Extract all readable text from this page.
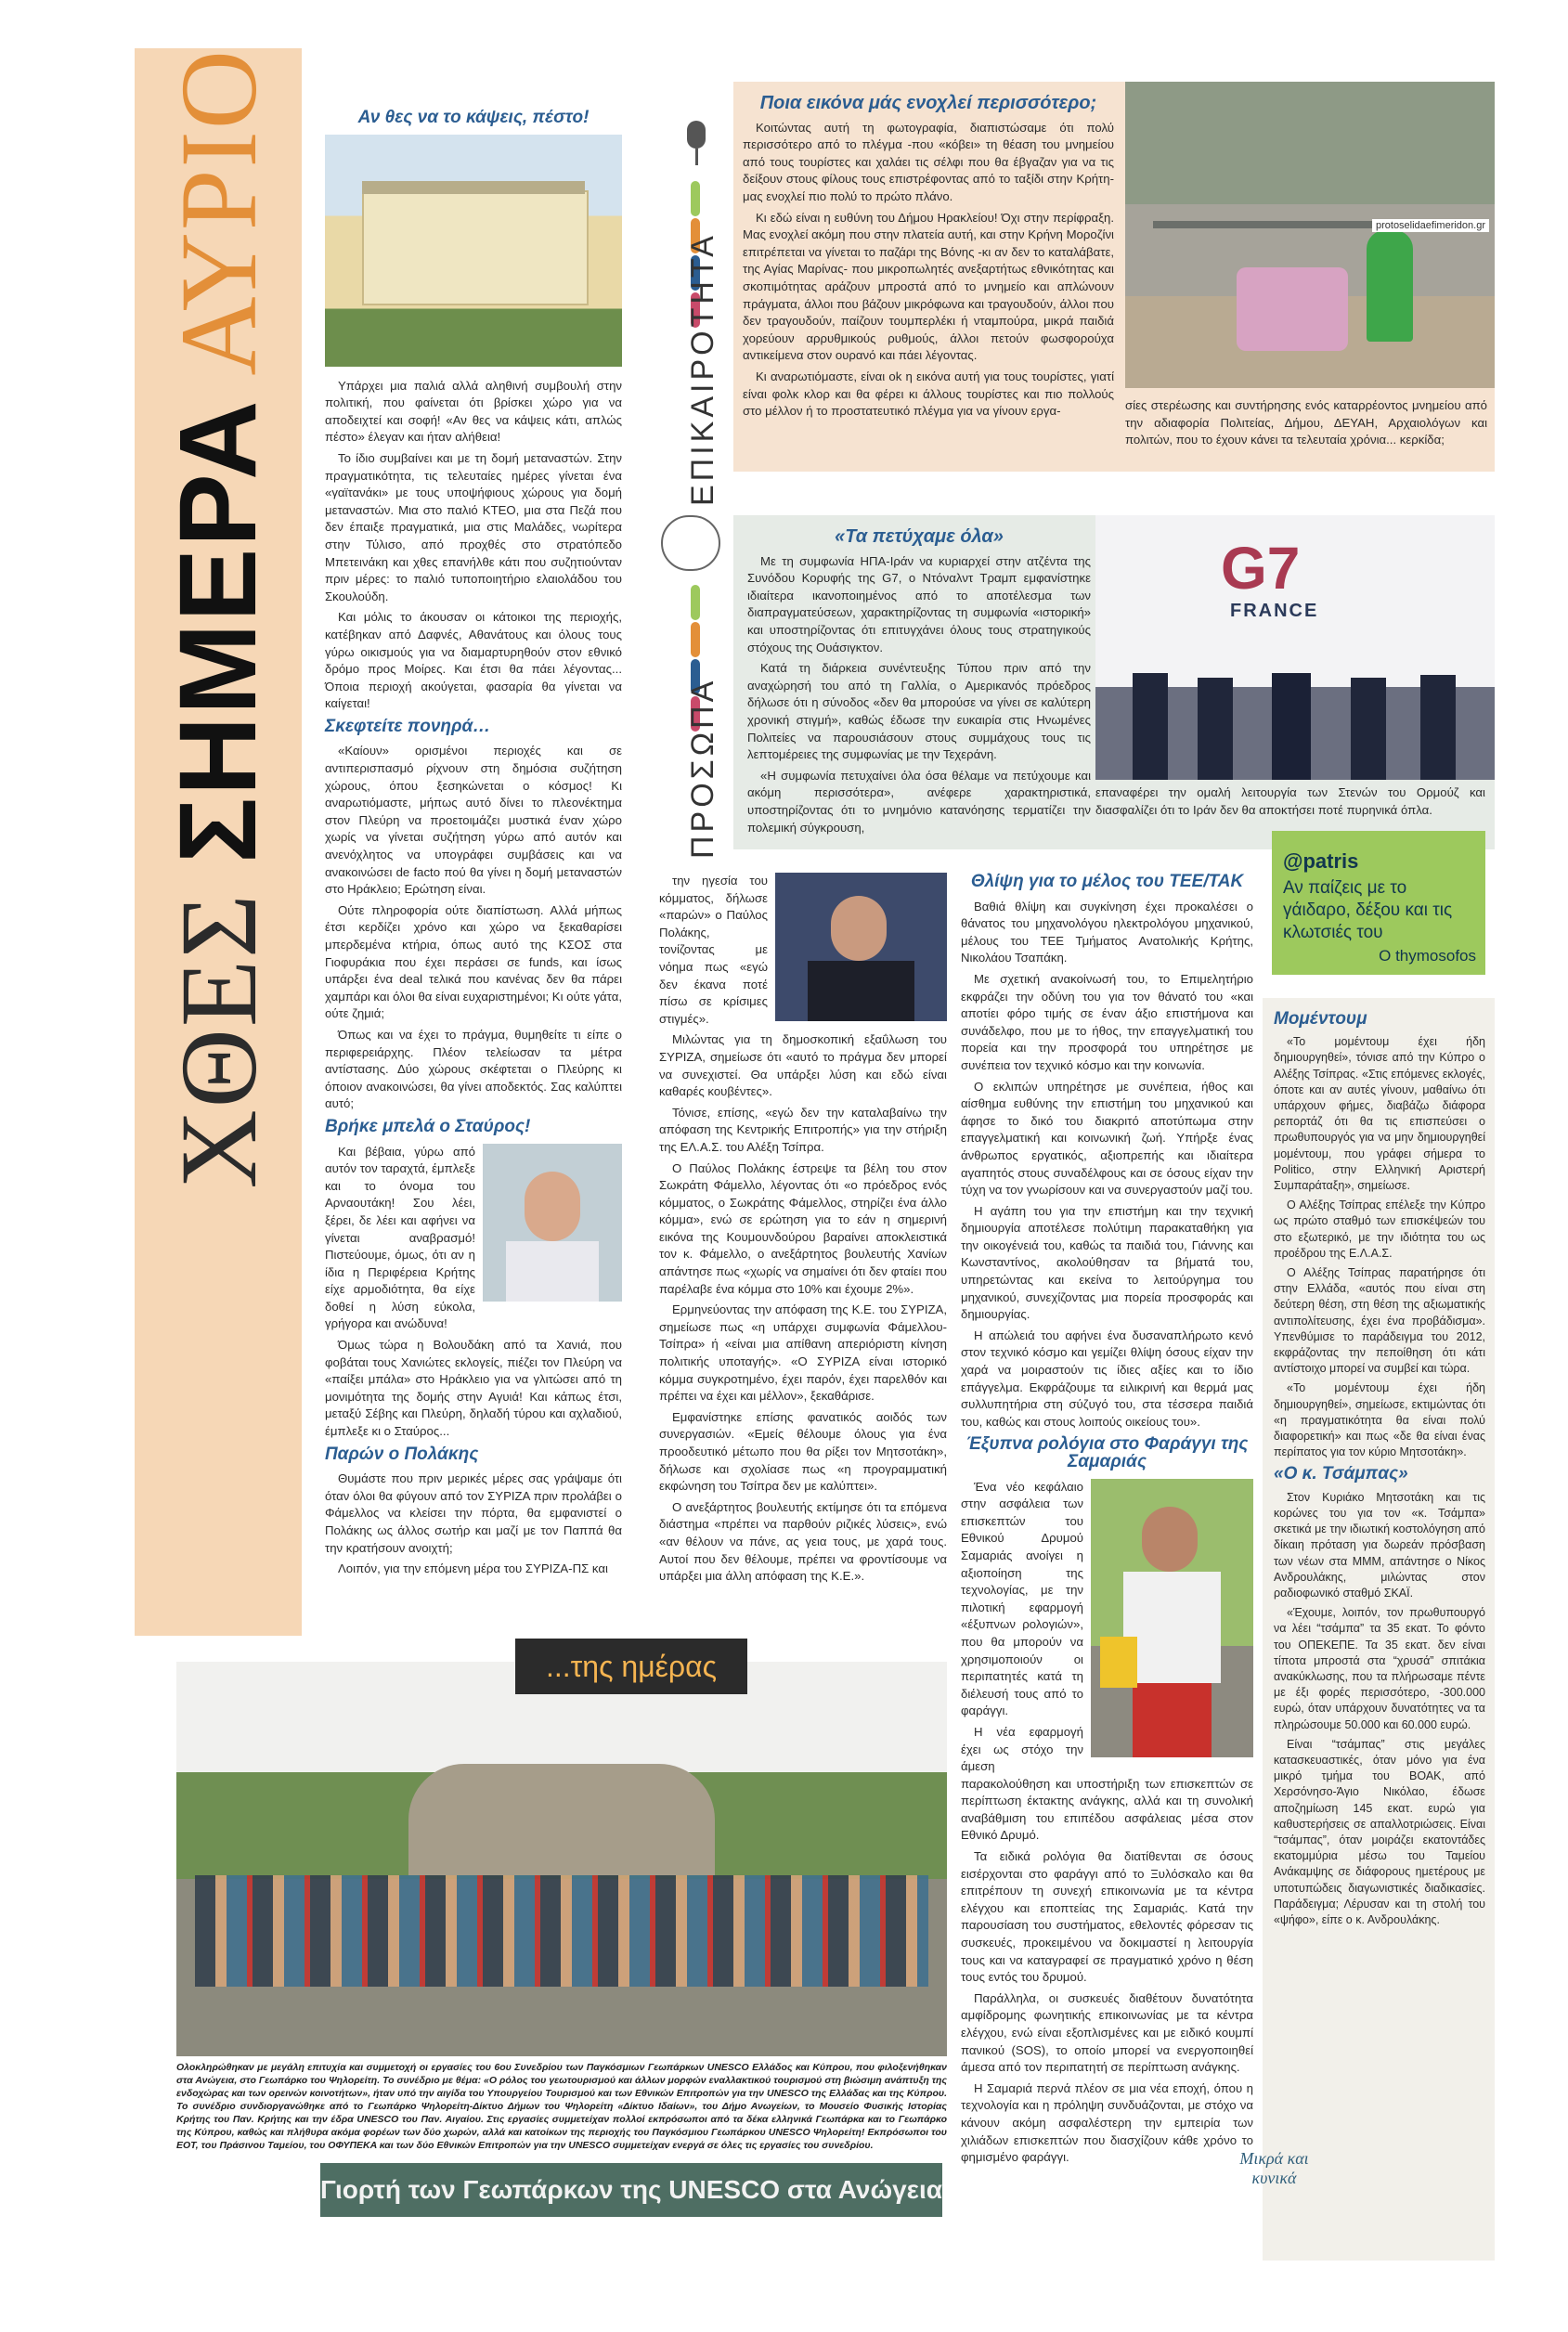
ΧΘΕΣ ΣΗΜΕΡΑ ΑΥΡΙΟ	Αν θες να το κάψεις, πέστο!

Υπάρχει μια παλιά αλλά αληθινή συμβουλή στην πολιτική, που φαίνεται ότι βρίσκει χώρο για να αποδειχτεί και σοφή! «Αν θες να κάψεις κάτι, απλώς πέστο» έλεγαν και ήταν αλήθεια!

Το ίδιο συμβαίνει και με τη δομή μεταναστών. Στην πραγματικότητα, τις τελευταίες ημέρες γίνεται ένα «γαϊτανάκι» με τους υποψήφιους χώρους για δομή μεταναστών. Μια στο παλιό ΚΤΕΟ, μια στα Πεζά που δεν έπαιξε πραγματικά, μια στις Μαλάδες, νωρίτερα στην Τύλισο, από προχθές στο στρατόπεδο Μπετεινάκη και χθες επανήλθε κάτι που συζητιούνταν πριν μέρες: το παλιό τυποποιητήριο ελαιολάδου του Σκουλούδη.

Και μόλις το άκουσαν οι κάτοικοι της περιοχής, κατέβηκαν από Δαφνές, Αθανάτους και όλους τους γύρω οικισμούς για να διαμαρτυρηθούν στον εθνικό δρόμο προς Μοίρες. Και έτσι θα πάει λέγοντας... Όποια περιοχή ακούγεται, φασαρία θα γίνεται να καίγεται!

Σκεφτείτε πονηρά…

«Καίουν» ορισμένοι περιοχές και σε αντιπερισπασμό ρίχνουν στη δημόσια συζήτηση χώρους, όπου ξεσηκώνεται ο κόσμος! Κι αναρωτιόμαστε, μήπως αυτό δίνει το πλεονέκτημα στον Πλεύρη να προετοιμάζει μυστικά έναν χώρο χωρίς να γίνεται συζήτηση γύρω από αυτόν και ανενόχλητος να υπογράφει συμβάσεις και να ανακοινώσει de facto πού θα γίνει η δομή μεταναστών στο Ηράκλειο; Ερώτηση είναι.

Ούτε πληροφορία ούτε διαπίστωση. Αλλά μήπως έτσι κερδίζει χρόνο και χώρο να ξεκαθαρίσει μπερδεμένα κτήρια, όπως αυτό της ΚΣΟΣ στα Γιοφυράκια που έχει περάσει σε funds, και ίσως υπάρξει ένα deal τελικά που κανένας δεν θα πάρει χαμπάρι και όλοι θα είναι ευχαριστημένοι; Κι ούτε γάτα, ούτε ζημιά;

Όπως και να έχει το πράγμα, θυμηθείτε τι είπε ο περιφερειάρχης. Πλέον τελείωσαν τα μέτρα αντίστασης. Δύο χώρους σκέφτεται ο Πλεύρης κι όποιον ανακοινώσει, θα γίνει αποδεκτός. Σας καλύπτει αυτό;

Βρήκε μπελά ο Σταύρος!

Και βέβαια, γύρω από αυτόν τον ταραχτά, έμπλεξε και το όνομα του Αρναουτάκη! Σου λέει, ξέρει, δε λέει και αφήνει να γίνεται αναβρασμό! Πιστεύουμε, όμως, ότι αν η ίδια η Περιφέρεια Κρήτης είχε αρμοδιότητα, θα είχε δοθεί η λύση εύκολα, γρήγορα και ανώδυνα!

Όμως τώρα η Βολουδάκη από τα Χανιά, που φοβάται τους Χανιώτες εκλογείς, πιέζει τον Πλεύρη να «παίξει μπάλα» στο Ηράκλειο για να γλιτώσει από τη μονιμότητα της δομής στην Αγυιά! Και κάπως έτσι, μεταξύ Σέβης και Πλεύρη, δηλαδή τύρου και αχλαδιού, έμπλεξε κι ο Σταύρος...

Παρών ο Πολάκης

Θυμάστε που πριν μερικές μέρες σας γράψαμε ότι όταν όλοι θα φύγουν από τον ΣΥΡΙΖΑ πριν προλάβει ο Φάμελλος να κλείσει την πόρτα, θα εμφανιστεί ο Πολάκης ως άλλος σωτήρ και μαζί με τον Παππά θα την κρατήσουν ανοιχτή;

Λοιπόν, για την επόμενη μέρα του ΣΥΡΙΖΑ-ΠΣ και

την ηγεσία του κόμματος, δήλωσε «παρών» ο Παύλος Πολάκης, τονίζοντας με νόημα πως «εγώ δεν έκανα ποτέ πίσω σε κρίσιμες στιγμές».

Μιλώντας για τη δημοσκοπική εξαΰλωση του ΣΥΡΙΖΑ, σημείωσε ότι «αυτό το πράγμα δεν μπορεί να συνεχιστεί. Θα υπάρξει λύση και εδώ είναι καθαρές κουβέντες».

Τόνισε, επίσης, «εγώ δεν την καταλαβαίνω την απόφαση της Κεντρικής Επιτροπής» για την στήριξη της ΕΛ.Α.Σ. του Αλέξη Τσίπρα.

Ο Παύλος Πολάκης έστρεψε τα βέλη του στον Σωκράτη Φάμελλο, λέγοντας ότι «ο πρόεδρος ενός κόμματος, ο Σωκράτης Φάμελλος, στηρίζει ένα άλλο κόμμα», ενώ σε ερώτηση για το εάν η σημερινή εικόνα της Κουμουνδούρου βαραίνει αποκλειστικά τον κ. Φάμελλο, ο ανεξάρτητος βουλευτής Χανίων απάντησε πως «χωρίς να σημαίνει ότι δεν φταίει που παρέλαβε ένα κόμμα στο 10% και έχουμε 2%».

Ερμηνεύοντας την απόφαση της Κ.Ε. του ΣΥΡΙΖΑ, σημείωσε πως «η υπάρχει συμφωνία Φάμελλου-Τσίπρα» ή «είναι μια απίθανη απεριόριστη κίνηση πολιτικής υποταγής». «Ο ΣΥΡΙΖΑ είναι ιστορικό κόμμα συγκροτημένο, έχει παρόν, έχει παρελθόν και πρέπει να έχει και μέλλον», ξεκαθάρισε.

Εμφανίστηκε επίσης φανατικός αοιδός των συνεργασιών. «Εμείς θέλουμε όλους για ένα προοδευτικό μέτωπο που θα ρίξει τον Μητσοτάκη», δήλωσε και σχολίασε πως «η προγραμματική εκφώνηση του Τσίπρα δεν με καλύπτει».

Ο ανεξάρτητος βουλευτής εκτίμησε ότι τα επόμενα διάστημα «πρέπει να παρθούν ριζικές λύσεις», ενώ «αν θέλουν να πάνε, ας γεια τους, με χαρά τους. Αυτοί που δεν θέλουμε, πρέπει να φροντίσουμε να υπάρξει μια άλλη απόφαση της Κ.Ε.».

ΕΠΙΚΑΙΡΟΤΗΤΑ
Ποια εικόνα μάς ενοχλεί περισσότερο;

Κοιτώντας αυτή τη φωτογραφία, διαπιστώσαμε ότι πολύ περισσότερο από το πλέγμα -που «κόβει» τη θέαση του μνημείου από τους τουρίστες και χαλάει τις σέλφι που θα έβγαζαν για να τις δείξουν στους φίλους τους επιστρέφοντας από το ταξίδι στην Κρήτη- μας ενοχλεί πιο πολύ το πρώτο πλάνο.

Κι εδώ είναι η ευθύνη του Δήμου Ηρακλείου! Όχι στην περίφραξη. Μας ενοχλεί ακόμη που στην πλατεία αυτή, και στην Κρήνη Μοροζίνι επιτρέπεται να γίνεται το παζάρι της Βόνης -κι αν δεν το καταλάβατε, της Αγίας Μαρίνας- που μικροπωλητές ανεξαρτήτως εθνικότητας και σκοπιμότητας αράζουν μπροστά από το μνημείο και απλώνουν πράγματα, άλλοι που βάζουν μικρόφωνα και τραγουδούν, άλλοι που δεν τραγουδούν, παίζουν τουμπερλέκι ή νταμπούρα, μικρά παιδιά χορεύουν αρρυθμικούς ρυθμούς, άλλοι πετούν φωσφορούχα αντικείμενα στον ουρανό και πάει λέγοντας.

Κι αναρωτιόμαστε, είναι ok η εικόνα αυτή για τους τουρίστες, γιατί είναι φολκ κλορ και θα φέρει κι άλλους τουρίστες και πιο πολλούς στο μέλλον ή το προστατευτικό πλέγμα για να γίνουν εργα-

protoselidaefimeridon.gr

σίες στερέωσης και συντήρησης ενός καταρρέοντος μνημείου από την αδιαφορία Πολιτείας, Δήμου, ΔΕΥΑΗ, Αρχαιολόγων και πολιτών, που το έχουν κάνει τα τελευταία χρόνια... κερκίδα;

ΠΡΟΣΩΠΑ
«Τα πετύχαμε όλα»

Με τη συμφωνία ΗΠΑ-Ιράν να κυριαρχεί στην ατζέντα της Συνόδου Κορυφής της G7, ο Ντόναλντ Τραμπ εμφανίστηκε ιδιαίτερα ικανοποιημένος από το αποτέλεσμα των διαπραγματεύσεων, χαρακτηρίζοντας τη συμφωνία «ιστορική» και υποστηρίζοντας ότι επιτυγχάνει όλους τους στρατηγικούς στόχους της Ουάσιγκτον.

Κατά τη διάρκεια συνέντευξης Τύπου πριν από την αναχώρησή του από τη Γαλλία, ο Αμερικανός πρόεδρος δήλωσε ότι η σύνοδος «δεν θα μπορούσε να γίνει σε καλύτερη χρονική στιγμή», καθώς έδωσε την ευκαιρία στις Ηνωμένες Πολιτείες να παρουσιάσουν στους συμμάχους τους τις λεπτομέρειες της συμφωνίας με την Τεχεράνη.

«Η συμφωνία πετυχαίνει όλα όσα θέλαμε να πετύχουμε και ακόμη περισσότερα», ανέφερε χαρακτηριστικά, υποστηρίζοντας ότι το μνημόνιο κατανόησης τερματίζει την πολεμική σύγκρουση,

G7
FRANCE

επαναφέρει την ομαλή λειτουργία των Στενών του Ορμούζ και διασφαλίζει ότι το Ιράν δεν θα αποκτήσει ποτέ πυρηνικά όπλα.

@patris
Αν παίζεις με το γάιδαρο, δέξου και τις κλωτσιές του
Ο thymosofos
Θλίψη για το μέλος του ΤΕΕ/ΤΑΚ

Βαθιά θλίψη και συγκίνηση έχει προκαλέσει ο θάνατος του μηχανολόγου ηλεκτρολόγου μηχανικού, μέλους του ΤΕΕ Τμήματος Ανατολικής Κρήτης, Νικολάου Τσαπάκη.

Με σχετική ανακοίνωσή του, το Επιμελητήριο εκφράζει την οδύνη του για τον θάνατό του «και αποτίει φόρο τιμής σε έναν άξιο επιστήμονα και συνάδελφο, που με το ήθος, την επαγγελματική του πορεία και την προσφορά του υπηρέτησε με συνέπεια τον τεχνικό κόσμο και την κοινωνία.

Ο εκλιπών υπηρέτησε με συνέπεια, ήθος και αίσθημα ευθύνης την επιστήμη του μηχανικού και άφησε το δικό του διακριτό αποτύπωμα στην επαγγελματική και κοινωνική ζωή. Υπήρξε ένας άνθρωπος εργατικός, αξιοπρεπής και ιδιαίτερα αγαπητός στους συναδέλφους και σε όσους είχαν την τύχη να τον γνωρίσουν και να συνεργαστούν μαζί του.

Η αγάπη του για την επιστήμη και την τεχνική δημιουργία αποτέλεσε πολύτιμη παρακαταθήκη για την οικογένειά του, καθώς τα παιδιά του, Γιάννης και Κωνσταντίνος, ακολούθησαν τα βήματά του, υπηρετώντας και εκείνα το λειτούργημα του μηχανικού, συνεχίζοντας μια πορεία προσφοράς και δημιουργίας.

Η απώλειά του αφήνει ένα δυσαναπλήρωτο κενό στον τεχνικό κόσμο και γεμίζει θλίψη όσους είχαν την χαρά να μοιραστούν τις ίδιες αξίες και το ίδιο επάγγελμα. Εκφράζουμε τα ειλικρινή και θερμά μας συλλυπητήρια στη σύζυγό του, στα τέσσερα παιδιά του, καθώς και στους λοιπούς οικείους του».

Έξυπνα ρολόγια στο Φαράγγι της Σαμαριάς

Ένα νέο κεφάλαιο στην ασφάλεια των επισκεπτών του Εθνικού Δρυμού Σαμαριάς ανοίγει η αξιοποίηση της τεχνολογίας, με την πιλοτική εφαρμογή «έξυπνων ρολογιών», που θα μπορούν να χρησιμοποιούν οι περιπατητές κατά τη διέλευσή τους από το φαράγγι.

Η νέα εφαρμογή έχει ως στόχο την άμεση παρακολούθηση και υποστήριξη των επισκεπτών σε περίπτωση έκτακτης ανάγκης, αλλά και τη συνολική αναβάθμιση του επιπέδου ασφάλειας μέσα στον Εθνικό Δρυμό.

Τα ειδικά ρολόγια θα διατίθενται σε όσους εισέρχονται στο φαράγγι από το Ξυλόσκαλο και θα επιτρέπουν τη συνεχή επικοινωνία με τα κέντρα ελέγχου και εποπτείας της Σαμαριάς. Κατά την παρουσίαση του συστήματος, εθελοντές φόρεσαν τις συσκευές, προκειμένου να δοκιμαστεί η λειτουργία τους και να καταγραφεί σε πραγματικό χρόνο η θέση τους εντός του δρυμού.

Παράλληλα, οι συσκευές διαθέτουν δυνατότητα αμφίδρομης φωνητικής επικοινωνίας με τα κέντρα ελέγχου, ενώ είναι εξοπλισμένες και με ειδικό κουμπί πανικού (SOS), το οποίο μπορεί να ενεργοποιηθεί άμεσα από τον περιπατητή σε περίπτωση ανάγκης.

Η Σαμαριά περνά πλέον σε μια νέα εποχή, όπου η τεχνολογία και η πρόληψη συνδυάζονται, με στόχο να κάνουν ακόμη ασφαλέστερη την εμπειρία των χιλιάδων επισκεπτών που διασχίζουν κάθε χρόνο το φημισμένο φαράγγι.

Μομέντουμ

«Το μομέντουμ έχει ήδη δημιουργηθεί», τόνισε από την Κύπρο ο Αλέξης Τσίπρας. «Στις επόμενες εκλογές, όποτε και αν αυτές γίνουν, μαθαίνω ότι υπάρχουν φήμες, διαβάζω διάφορα ρεπορτάζ ότι θα τις επισπεύσει ο πρωθυπουργός για να μην δημιουργηθεί μομέντουμ, που γράφει σήμερα το Politico, στην Ελληνική Αριστερή Συμπαράταξη», σημείωσε.

Ο Αλέξης Τσίπρας επέλεξε την Κύπρο ως πρώτο σταθμό των επισκέψεών του στο εξωτερικό, με την ιδιότητα του ως προέδρου της Ε.Λ.Α.Σ.

Ο Αλέξης Τσίπρας παρατήρησε ότι στην Ελλάδα, «αυτός που είναι στη δεύτερη θέση, στη θέση της αξιωματικής αντιπολίτευσης, έχει ένα προβάδισμα». Υπενθύμισε το παράδειγμα του 2012, εκφράζοντας την πεποίθηση ότι κάτι αντίστοιχο μπορεί να συμβεί και τώρα.

«Το μομέντουμ έχει ήδη δημιουργηθεί», σημείωσε, εκτιμώντας ότι «η πραγματικότητα θα είναι πολύ διαφορετική» και πως «δε θα είναι ένας περίπατος για τον κύριο Μητσοτάκη».

«Ο κ. Τσάμπας»

Στον Κυριάκο Μητσοτάκη και τις κορώνες του για τον «κ. Τσάμπα» σκετικά με την ιδιωτική κοστολόγηση από δίκαιη πρόταση για δωρεάν πρόσβαση των νέων στα ΜΜΜ, απάντησε ο Νίκος Ανδρουλάκης, μιλώντας στον ραδιοφωνικό σταθμό ΣΚΑΪ.

«Έχουμε, λοιπόν, τον πρωθυπουργό να λέει “τσάμπα” τα 35 εκατ. Το φόντο του ΟΠΕΚΕΠΕ. Τα 35 εκατ. δεν είναι τίποτα μπροστά στα “χρυσά” σπιτάκια ανακύκλωσης, που τα πλήρωσαμε πέντε με έξι φορές περισσότερο, -300.000 ευρώ, όταν υπάρχουν δυνατότητες να τα πληρώσουμε 50.000 και 60.000 ευρώ.

Είναι “τσάμπας” στις μεγάλες κατασκευαστικές, όταν μόνο για ένα μικρό τμήμα του ΒΟΑΚ, από Χερσόνησο-Άγιο Νικόλαο, έδωσε αποζημίωση 145 εκατ. ευρώ για καθυστερήσεις σε απαλλοτριώσεις. Είναι “τσάμπας”, όταν μοιράζει εκατοντάδες εκατομμύρια μέσω του Ταμείου Ανάκαμψης σε διάφορους ημετέρους με υποτυπώδεις διαγωνιστικές διαδικασίες. Παράδειγμα; Λέρυσαν και τη στολή του «ψήφο», είπε ο κ. Ανδρουλάκης.

Μικρά και κυνικά
...της ημέρας
Ολοκληρώθηκαν με μεγάλη επιτυχία και συμμετοχή οι εργασίες του 6ου Συνεδρίου των Παγκόσμιων Γεωπάρκων UNESCO Ελλάδος και Κύπρου, που φιλοξενήθηκαν στα Ανώγεια, στο Γεωπάρκο του Ψηλορείτη. Το συνέδριο με θέμα: «Ο ρόλος του γεωτουρισμού και άλλων μορφών εναλλακτικού τουρισμού στη βιώσιμη ανάπτυξη της ενδοχώρας και των ορεινών κοινοτήτων», ήταν υπό την αιγίδα του Υπουργείου Τουρισμού και των Εθνικών Επιτροπών για την UNESCO της Ελλάδας και της Κύπρου. Το συνέδριο συνδιοργανώθηκε από το Γεωπάρκο Ψηλορείτη-Δίκτυο Δήμων του Ψηλορείτη «Δίκτυο Ιδαίων», του Δήμο Ανωγείων, το Μουσείο Φυσικής Ιστορίας Κρήτης του Παν. Κρήτης και την έδρα UNESCO του Παν. Αιγαίου. Στις εργασίες συμμετείχαν πολλοί εκπρόσωποι από τα δέκα ελληνικά Γεωπάρκα και το Γεωπάρκο της Κύπρου, καθώς και πλήθυρα ακόμα φορέων των δύο χωρών, αλλά και κατοίκων της περιοχής του Παγκόσμιου Γεωπάρκου UNESCO Ψηλορείτη! Εκπρόσωποι του ΕΟΤ, του Πράσινου Ταμείου, του ΟΦΥΠΕΚΑ και των δύο Εθνικών Επιτροπών για την UNESCO συμμετείχαν ενεργά σε όλες τις εργασίες του συνεδρίου.
Γιορτή των Γεωπάρκων της UNESCO στα Ανώγεια
